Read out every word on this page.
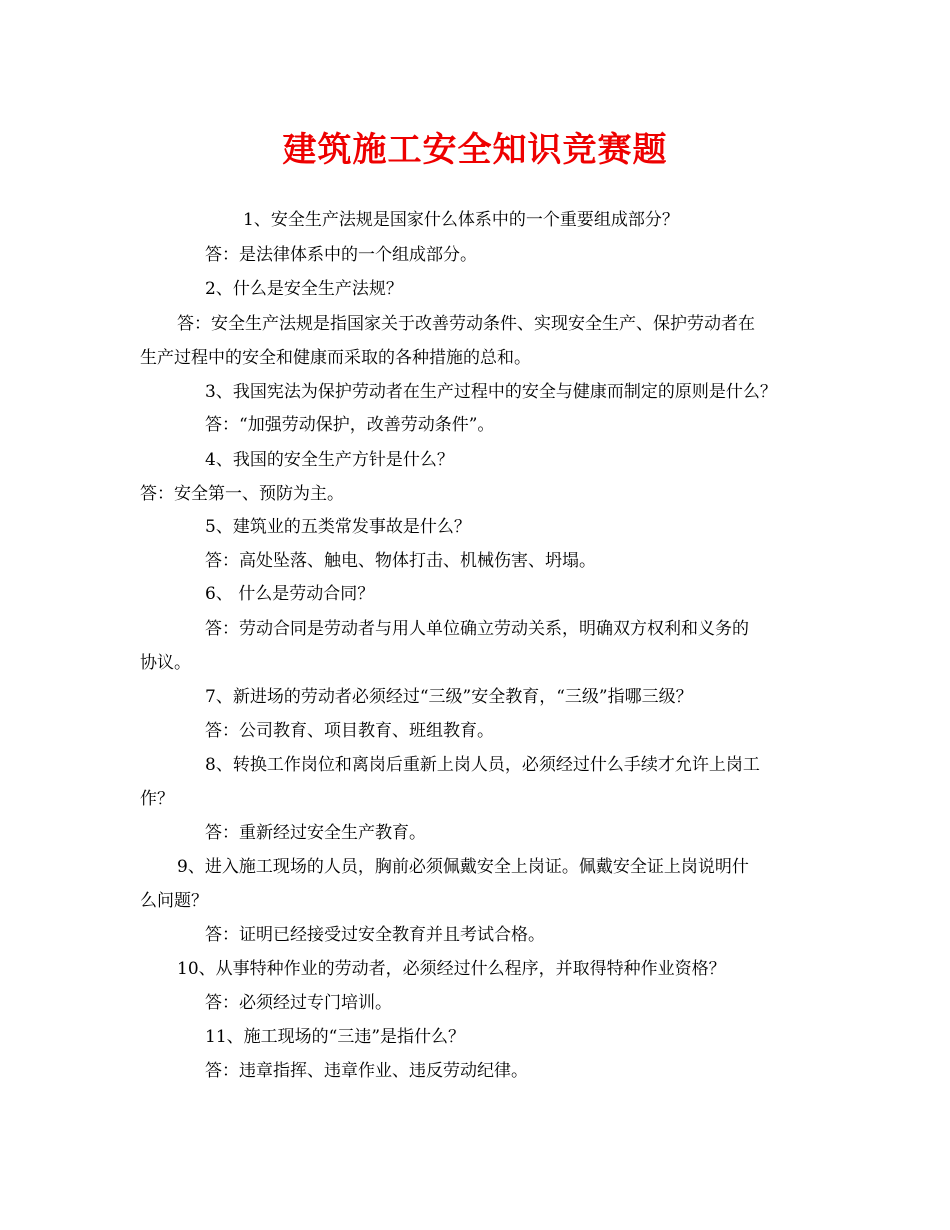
建筑施工安全知识竞赛题
1、安全生产法规是国家什么体系中的一个重要组成部分？
答：是法律体系中的一个组成部分。
2、什么是安全生产法规？
答：安全生产法规是指国家关于改善劳动条件、实现安全生产、保护劳动者在
生产过程中的安全和健康而采取的各种措施的总和。
3、我国宪法为保护劳动者在生产过程中的安全与健康而制定的原则是什么？
答：“加强劳动保护，改善劳动条件”。
4、我国的安全生产方针是什么？
答：安全第一、预防为主。
5、建筑业的五类常发事故是什么？
答：高处坠落、触电、物体打击、机械伤害、坍塌。
6、 什么是劳动合同？
答：劳动合同是劳动者与用人单位确立劳动关系，明确双方权利和义务的
协议。
7、新进场的劳动者必须经过“三级”安全教育，“三级”指哪三级？
答：公司教育、项目教育、班组教育。
8、转换工作岗位和离岗后重新上岗人员，必须经过什么手续才允许上岗工
作？
答：重新经过安全生产教育。
9、进入施工现场的人员，胸前必须佩戴安全上岗证。佩戴安全证上岗说明什
么问题？
答：证明已经接受过安全教育并且考试合格。
10、从事特种作业的劳动者，必须经过什么程序，并取得特种作业资格？
答：必须经过专门培训。
11、施工现场的“三违”是指什么？
答：违章指挥、违章作业、违反劳动纪律。
